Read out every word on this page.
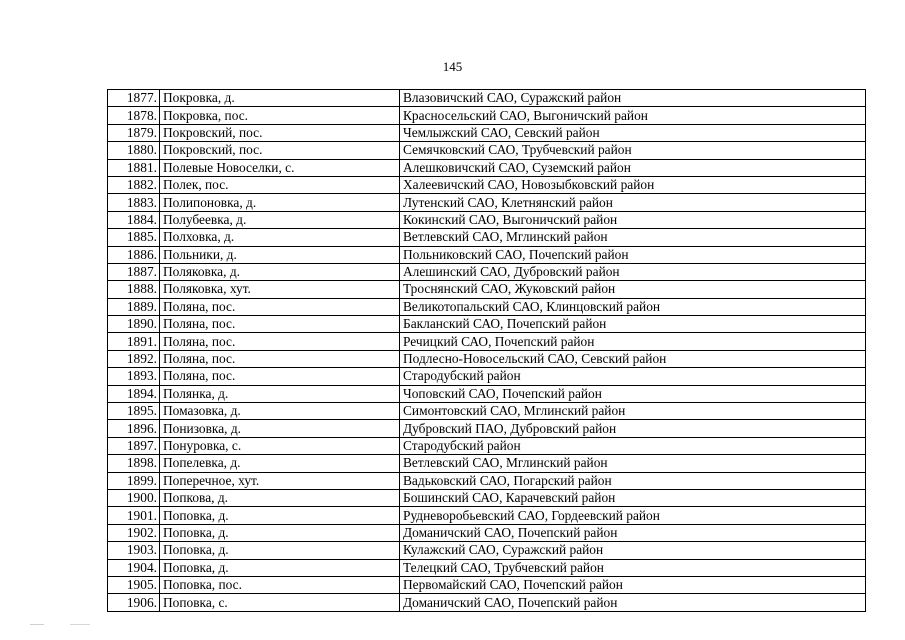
145
1877.	Покровка, д.	Влазовичский САО, Суражский район
1878.	Покровка, пос.	Красносельский САО, Выгоничский район
1879.	Покровский, пос.	Чемлыжский САО, Севский район
1880.	Покровский, пос.	Семячковский САО, Трубчевский район
1881.	Полевые Новоселки, с.	Алешковичский САО, Суземский район
1882.	Полек, пос.	Халеевичский САО, Новозыбковский район
1883.	Полипоновка, д.	Лутенский САО, Клетнянский район
1884.	Полубеевка, д.	Кокинский САО, Выгоничский район
1885.	Полховка, д.	Ветлевский САО, Мглинский район
1886.	Польники, д.	Польниковский САО, Почепский район
1887.	Поляковка, д.	Алешинский САО, Дубровский район
1888.	Поляковка, хут.	Троснянский САО, Жуковский район
1889.	Поляна, пос.	Великотопальский САО, Клинцовский район
1890.	Поляна, пос.	Бакланский САО, Почепский район
1891.	Поляна, пос.	Речицкий САО, Почепский район
1892.	Поляна, пос.	Подлесно-Новосельский САО, Севский район
1893.	Поляна, пос.	Стародубский район
1894.	Полянка, д.	Чоповский САО, Почепский район
1895.	Помазовка, д.	Симонтовский САО, Мглинский район
1896.	Понизовка, д.	Дубровский ПАО, Дубровский район
1897.	Понуровка, с.	Стародубский район
1898.	Попелевка, д.	Ветлевский САО, Мглинский район
1899.	Поперечное, хут.	Вадьковский САО, Погарский район
1900.	Попкова, д.	Бошинский САО, Карачевский район
1901.	Поповка, д.	Рудневоробьевский САО, Гордеевский район
1902.	Поповка, д.	Доманичский САО, Почепский район
1903.	Поповка, д.	Кулажский САО, Суражский район
1904.	Поповка, д.	Телецкий САО, Трубчевский район
1905.	Поповка, пос.	Первомайский САО, Почепский район
1906.	Поповка, с.	Доманичский САО, Почепский район
